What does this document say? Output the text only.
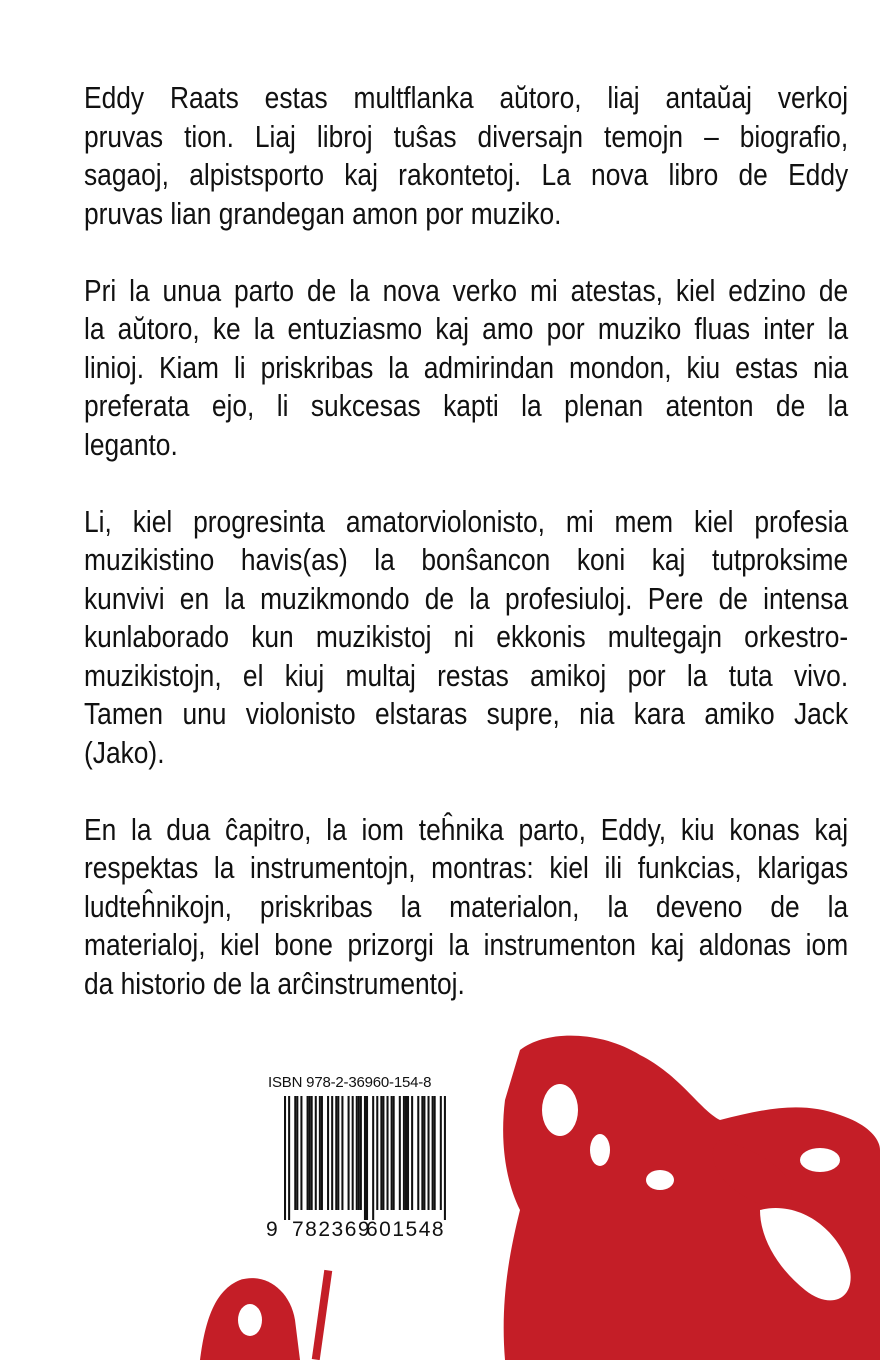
Eddy Raats estas multflanka aŭtoro, liaj antaŭaj verkoj
pruvas tion. Liaj libroj tuŝas diversajn temojn – biografio,
sagaoj, alpistsporto kaj rakontetoj. La nova libro de Eddy
pruvas lian grandegan amon por muziko.
Pri la unua parto de la nova verko mi atestas, kiel edzino de
la aŭtoro, ke la entuziasmo kaj amo por muziko fluas inter la
linioj. Kiam li priskribas la admirindan mondon, kiu estas nia
preferata ejo, li sukcesas kapti la plenan atenton de la
leganto.
Li, kiel progresinta amatorviolonisto, mi mem kiel profesia
muzikistino havis(as) la bonŝancon koni kaj tutproksime
kunvivi en la muzikmondo de la profesiuloj. Pere de intensa
kunlaborado kun muzikistoj ni ekkonis multegajn orkestro-
muzikistojn, el kiuj multaj restas amikoj por la tuta vivo.
Tamen unu violonisto elstaras supre, nia kara amiko Jack
(Jako).
En la dua ĉapitro, la iom teĥnika parto, Eddy, kiu konas kaj
respektas la instrumentojn, montras: kiel ili funkcias, klarigas
ludteĥnikojn, priskribas la materialon, la deveno de la
materialoj, kiel bone prizorgi la instrumenton kaj aldonas iom
da historio de la arĉinstrumentoj.
ISBN 978-2-36960-154-8
9 782369
601548
